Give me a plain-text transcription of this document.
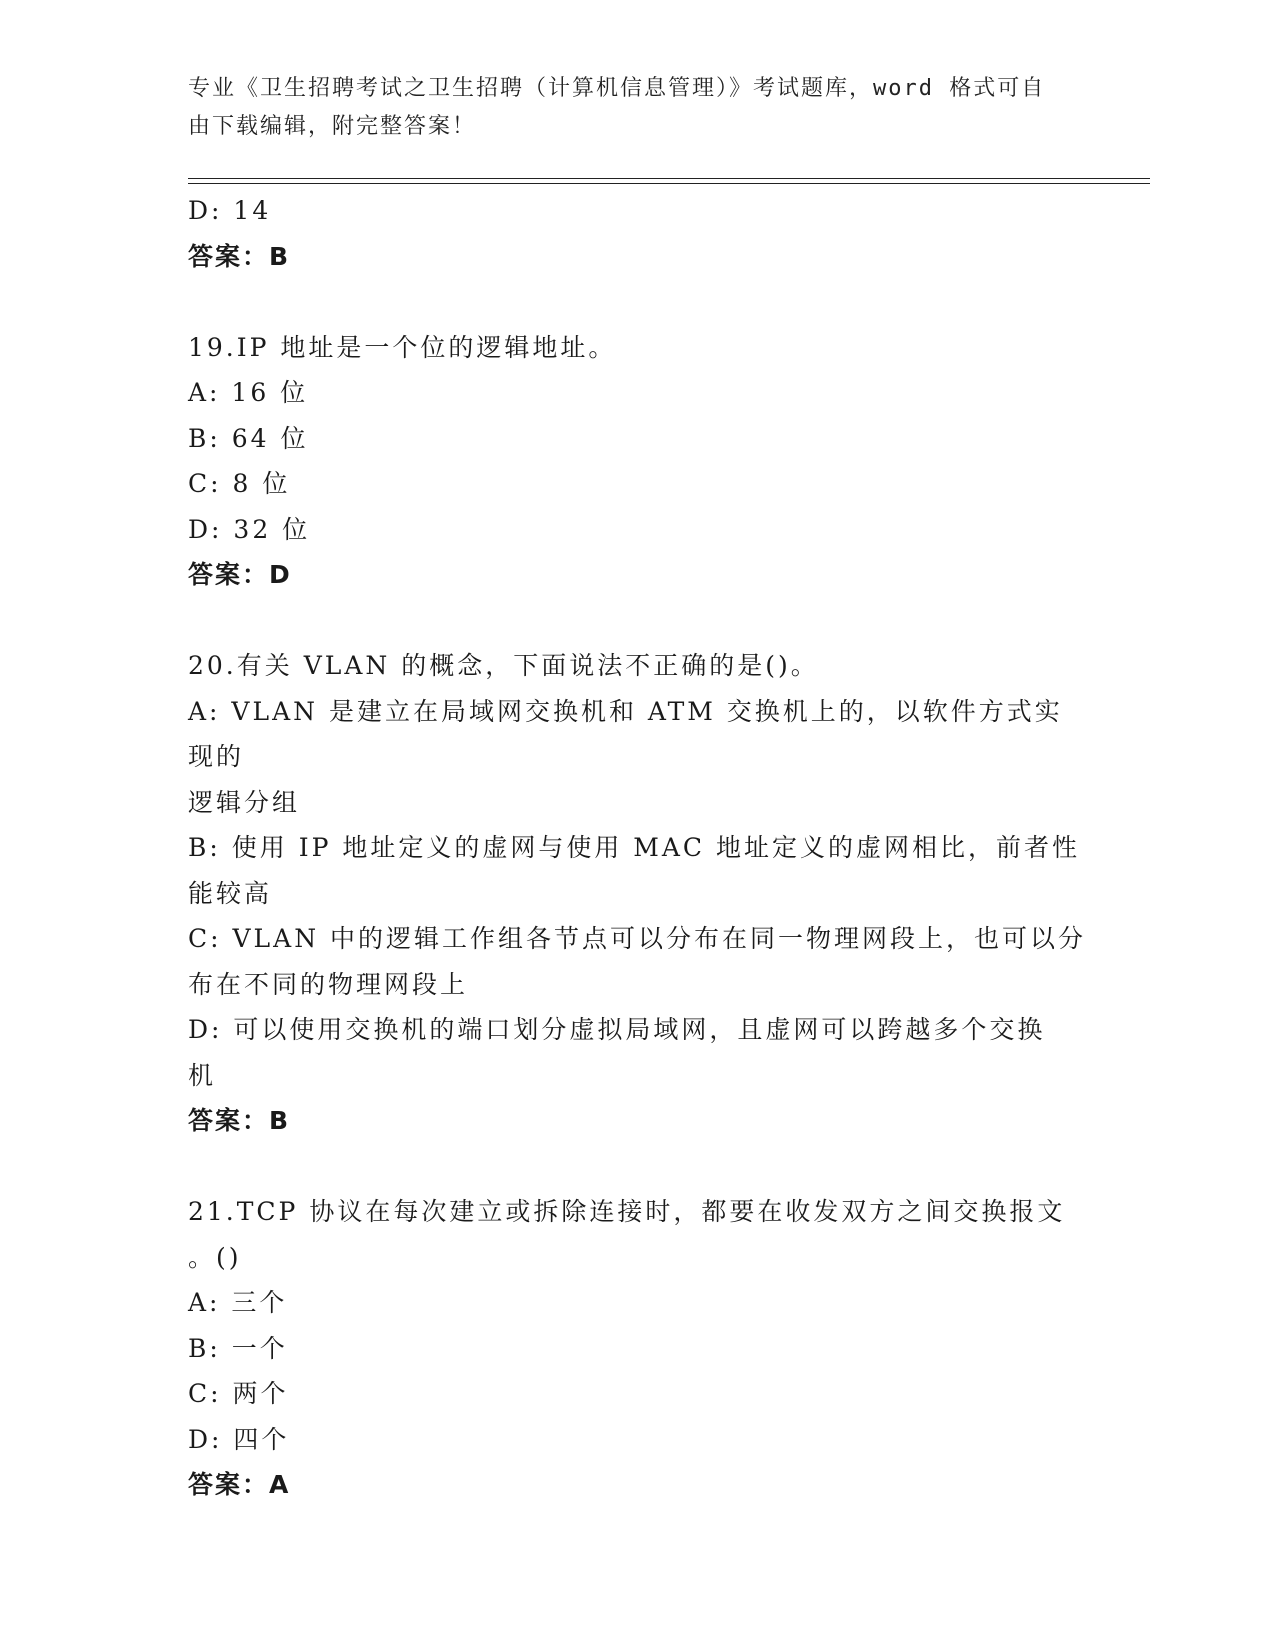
专业《卫生招聘考试之卫生招聘（计算机信息管理）》考试题库，word 格式可自
由下载编辑，附完整答案！
D: 14
答案：B
19.IP 地址是一个位的逻辑地址。
A: 16 位
B: 64 位
C: 8 位
D: 32 位
答案：D
20.有关 VLAN 的概念，下面说法不正确的是()。
A: VLAN 是建立在局域网交换机和 ATM 交换机上的，以软件方式实现的
逻辑分组
B: 使用 IP 地址定义的虚网与使用 MAC 地址定义的虚网相比，前者性
能较高
C: VLAN 中的逻辑工作组各节点可以分布在同一物理网段上，也可以分
布在不同的物理网段上
D: 可以使用交换机的端口划分虚拟局域网，且虚网可以跨越多个交换
机
答案：B
21.TCP 协议在每次建立或拆除连接时，都要在收发双方之间交换报文
。()
A: 三个
B: 一个
C: 两个
D: 四个
答案：A
